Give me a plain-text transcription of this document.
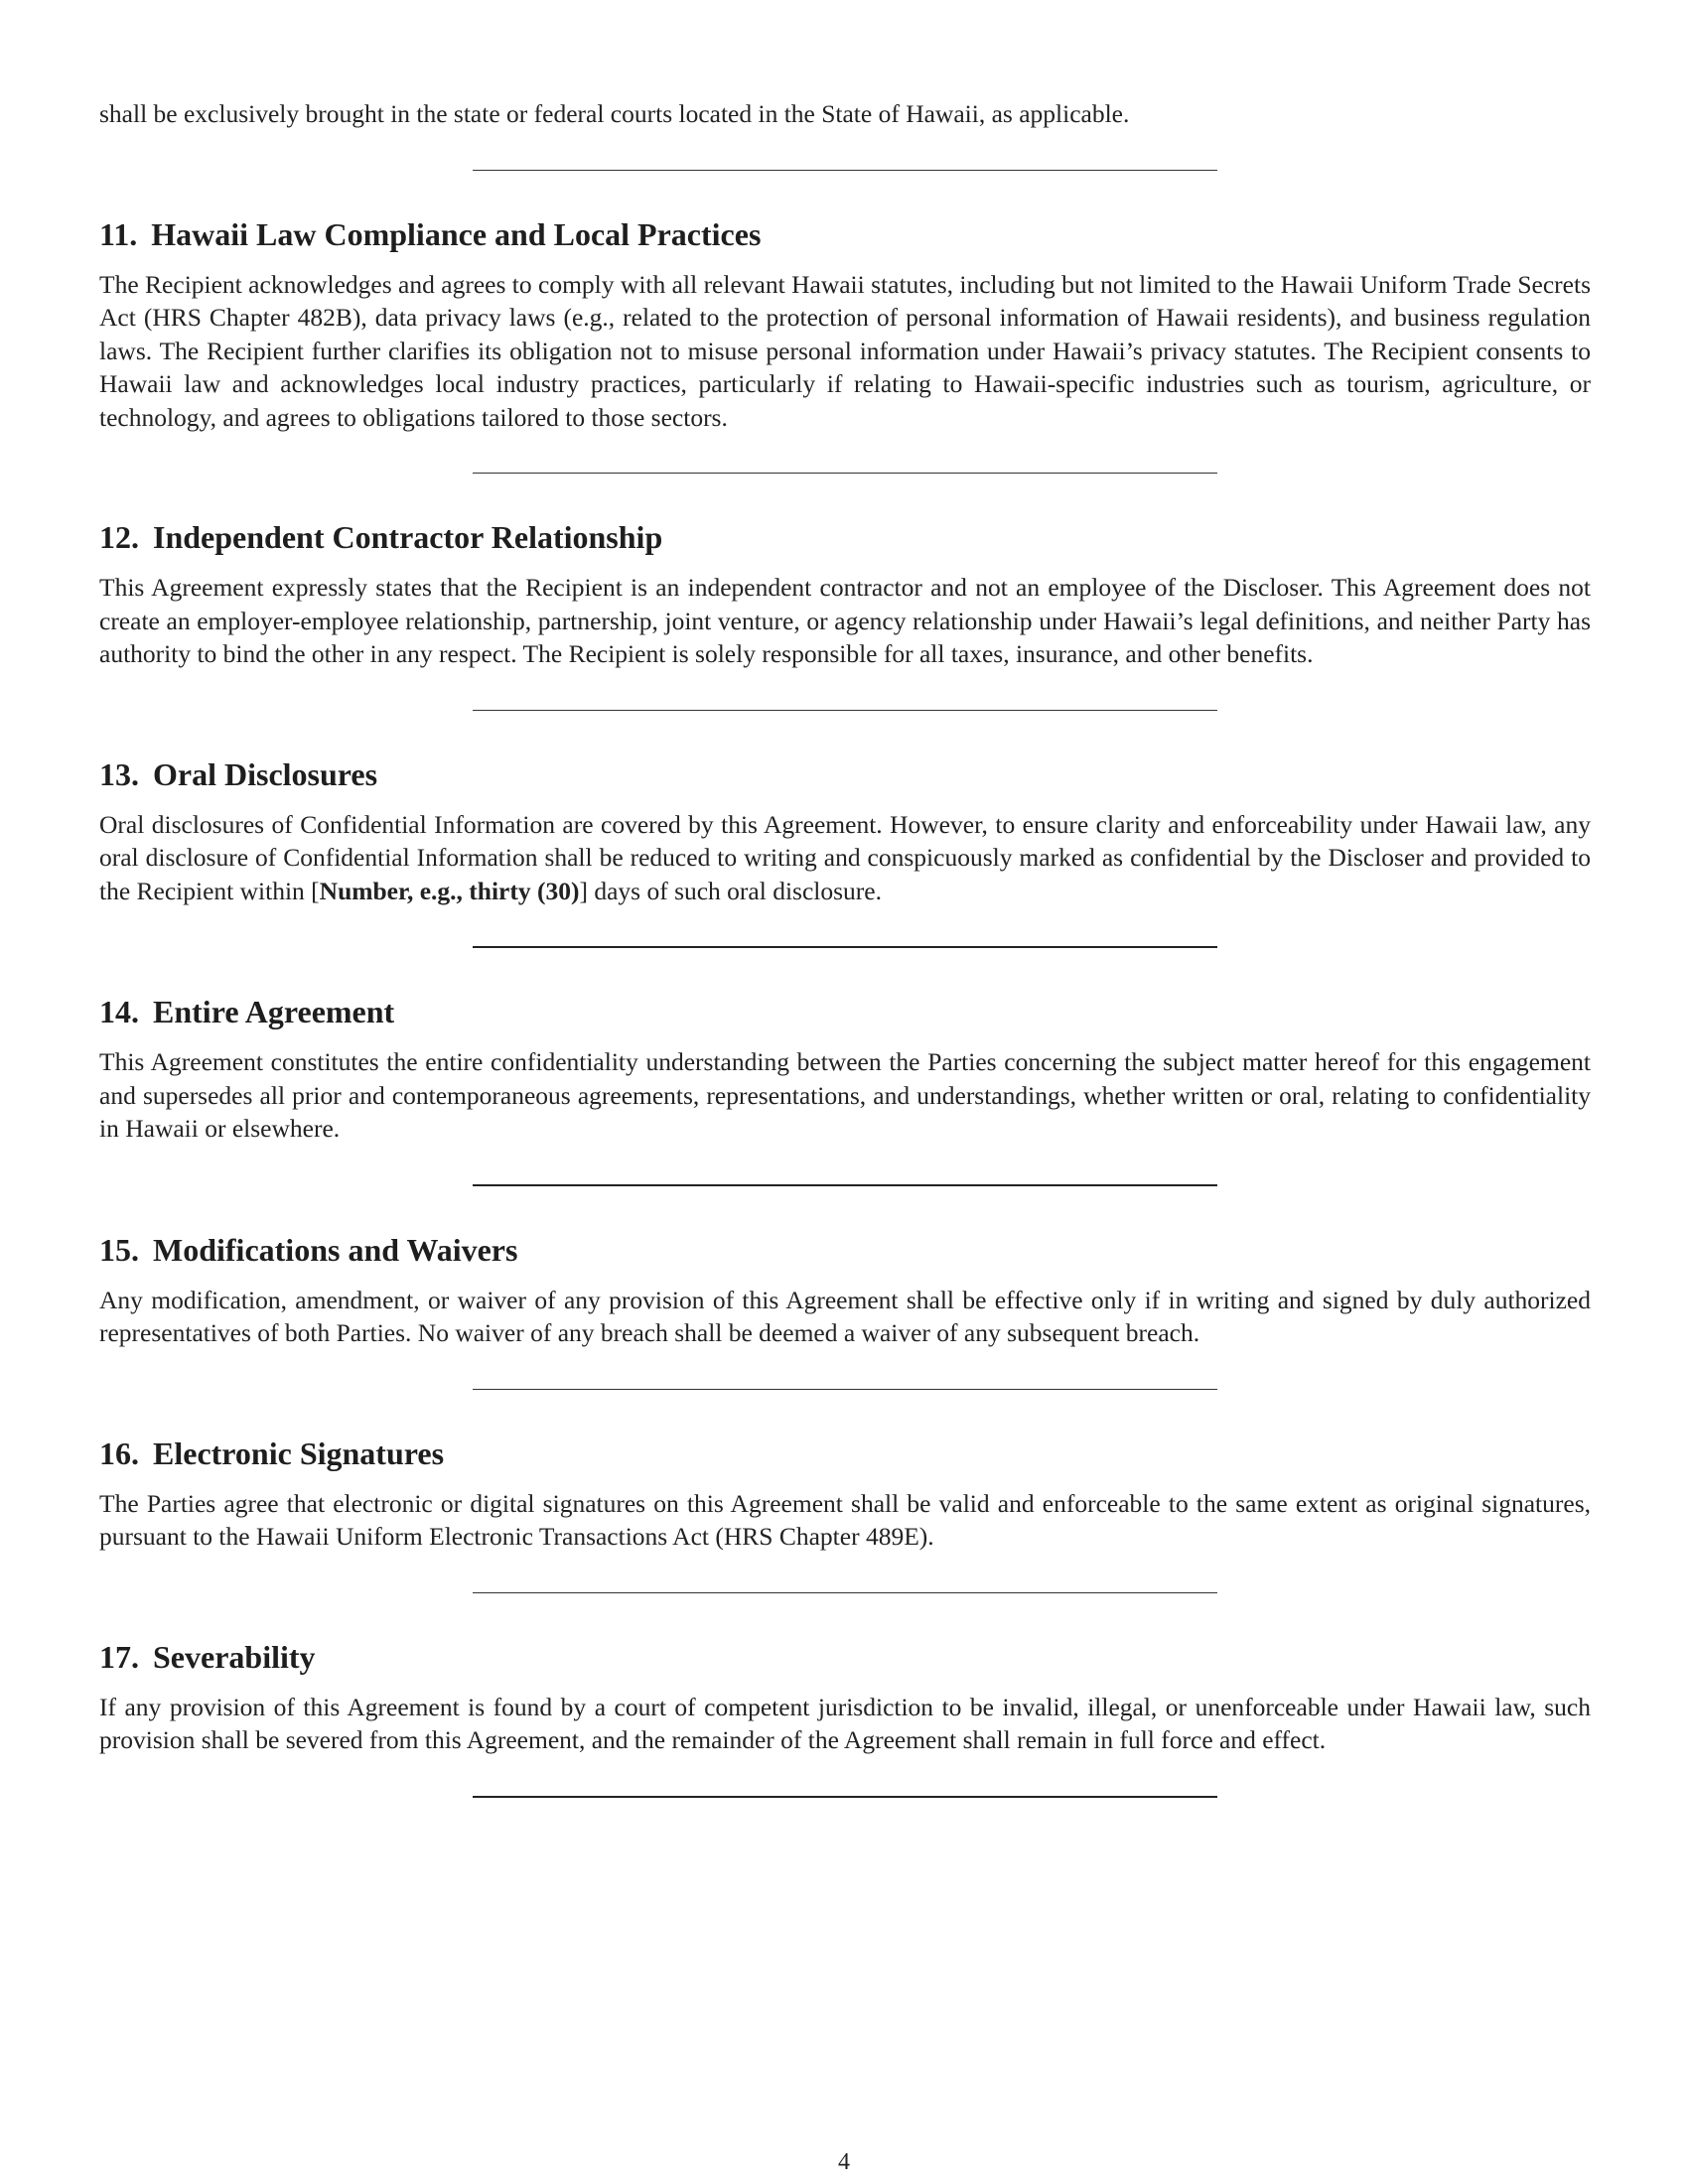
shall be exclusively brought in the state or federal courts located in the State of Hawaii, as applicable.

11. Hawaii Law Compliance and Local Practices

The Recipient acknowledges and agrees to comply with all relevant Hawaii statutes, including but not limited to the Hawaii Uniform Trade Secrets Act (HRS Chapter 482B), data privacy laws (e.g., related to the protection of personal information of Hawaii residents), and business regulation laws. The Recipient further clarifies its obligation not to misuse personal information under Hawaii’s privacy statutes. The Recipient consents to Hawaii law and acknowledges local industry practices, particularly if relating to Hawaii-specific industries such as tourism, agriculture, or technology, and agrees to obligations tailored to those sectors.

12. Independent Contractor Relationship

This Agreement expressly states that the Recipient is an independent contractor and not an employee of the Discloser. This Agreement does not create an employer-employee relationship, partnership, joint venture, or agency relationship under Hawaii’s legal definitions, and neither Party has authority to bind the other in any respect. The Recipient is solely responsible for all taxes, insurance, and other benefits.

13. Oral Disclosures

Oral disclosures of Confidential Information are covered by this Agreement. However, to ensure clarity and enforceability under Hawaii law, any oral disclosure of Confidential Information shall be reduced to writing and conspicuously marked as confidential by the Discloser and provided to the Recipient within [Number, e.g., thirty (30)] days of such oral disclosure.

14. Entire Agreement

This Agreement constitutes the entire confidentiality understanding between the Parties concerning the subject matter hereof for this engagement and supersedes all prior and contemporaneous agreements, representations, and understandings, whether written or oral, relating to confidentiality in Hawaii or elsewhere.

15. Modifications and Waivers

Any modification, amendment, or waiver of any provision of this Agreement shall be effective only if in writing and signed by duly authorized representatives of both Parties. No waiver of any breach shall be deemed a waiver of any subsequent breach.

16. Electronic Signatures

The Parties agree that electronic or digital signatures on this Agreement shall be valid and enforceable to the same extent as original signatures, pursuant to the Hawaii Uniform Electronic Transactions Act (HRS Chapter 489E).

17. Severability

If any provision of this Agreement is found by a court of competent jurisdiction to be invalid, illegal, or unenforceable under Hawaii law, such provision shall be severed from this Agreement, and the remainder of the Agreement shall remain in full force and effect.

4
